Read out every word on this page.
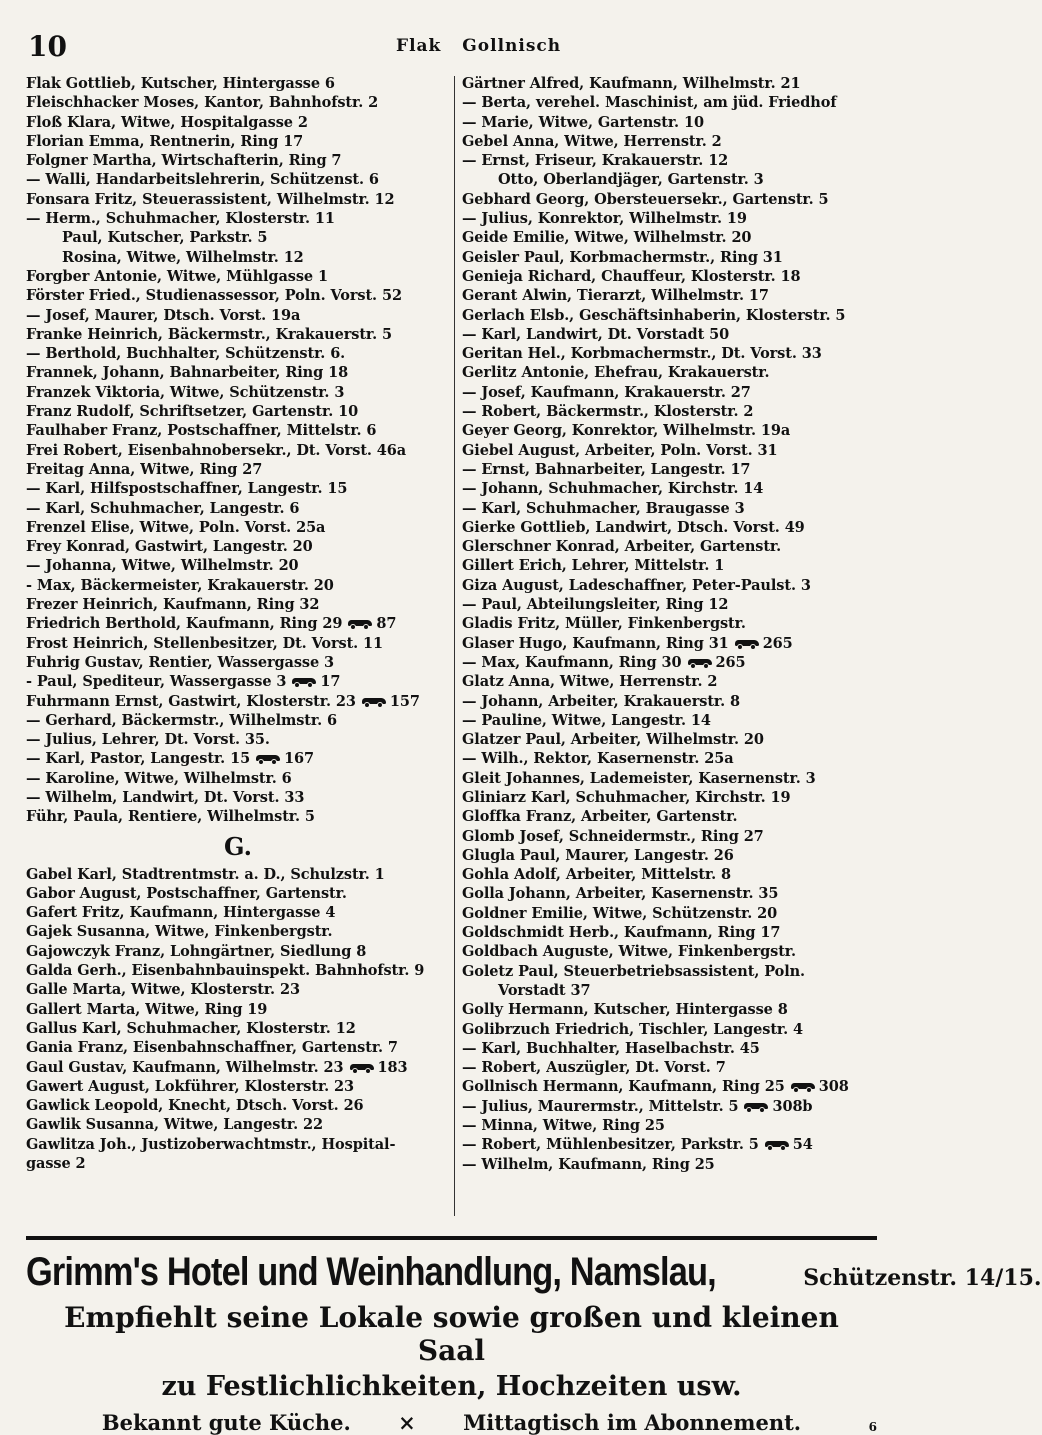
10	Flak Gollnisch
Flak Gottlieb, Kutscher, Hintergasse 6
Fleischhacker Moses, Kantor, Bahnhofstr. 2
Floß Klara, Witwe, Hospitalgasse 2
Florian Emma, Rentnerin, Ring 17
Folgner Martha, Wirtschafterin, Ring 7
— Walli, Handarbeitslehrerin, Schützenst. 6
Fonsara Fritz, Steuerassistent, Wilhelmstr. 12
— Herm., Schuhmacher, Klosterstr. 11
Paul, Kutscher, Parkstr. 5
Rosina, Witwe, Wilhelmstr. 12
Forgber Antonie, Witwe, Mühlgasse 1
Förster Fried., Studienassessor, Poln. Vorst. 52
— Josef, Maurer, Dtsch. Vorst. 19a
Franke Heinrich, Bäckermstr., Krakauerstr. 5
— Berthold, Buchhalter, Schützenstr. 6.
Frannek, Johann, Bahnarbeiter, Ring 18
Franzek Viktoria, Witwe, Schützenstr. 3
Franz Rudolf, Schriftsetzer, Gartenstr. 10
Faulhaber Franz, Postschaffner, Mittelstr. 6
Frei Robert, Eisenbahnobersekr., Dt. Vorst. 46a
Freitag Anna, Witwe, Ring 27
— Karl, Hilfspostschaffner, Langestr. 15
— Karl, Schuhmacher, Langestr. 6
Frenzel Elise, Witwe, Poln. Vorst. 25a
Frey Konrad, Gastwirt, Langestr. 20
— Johanna, Witwe, Wilhelmstr. 20
- Max, Bäckermeister, Krakauerstr. 20
Frezer Heinrich, Kaufmann, Ring 32
Friedrich Berthold, Kaufmann, Ring 29 87
Frost Heinrich, Stellenbesitzer, Dt. Vorst. 11
Fuhrig Gustav, Rentier, Wassergasse 3
- Paul, Spediteur, Wassergasse 3 17
Fuhrmann Ernst, Gastwirt, Klosterstr. 23 157
— Gerhard, Bäckermstr., Wilhelmstr. 6
— Julius, Lehrer, Dt. Vorst. 35.
— Karl, Pastor, Langestr. 15 167
— Karoline, Witwe, Wilhelmstr. 6
— Wilhelm, Landwirt, Dt. Vorst. 33
Führ, Paula, Rentiere, Wilhelmstr. 5
G.
Gabel Karl, Stadtrentmstr. a. D., Schulzstr. 1
Gabor August, Postschaffner, Gartenstr.
Gafert Fritz, Kaufmann, Hintergasse 4
Gajek Susanna, Witwe, Finkenbergstr.
Gajowczyk Franz, Lohngärtner, Siedlung 8
Galda Gerh., Eisenbahnbauinspekt. Bahnhofstr. 9
Galle Marta, Witwe, Klosterstr. 23
Gallert Marta, Witwe, Ring 19
Gallus Karl, Schuhmacher, Klosterstr. 12
Gania Franz, Eisenbahnschaffner, Gartenstr. 7
Gaul Gustav, Kaufmann, Wilhelmstr. 23 183
Gawert August, Lokführer, Klosterstr. 23
Gawlick Leopold, Knecht, Dtsch. Vorst. 26
Gawlik Susanna, Witwe, Langestr. 22
Gawlitza Joh., Justizoberwachtmstr., Hospital-
gasse 2
Gärtner Alfred, Kaufmann, Wilhelmstr. 21
— Berta, verehel. Maschinist, am jüd. Friedhof
— Marie, Witwe, Gartenstr. 10
Gebel Anna, Witwe, Herrenstr. 2
— Ernst, Friseur, Krakauerstr. 12
Otto, Oberlandjäger, Gartenstr. 3
Gebhard Georg, Obersteuersekr., Gartenstr. 5
— Julius, Konrektor, Wilhelmstr. 19
Geide Emilie, Witwe, Wilhelmstr. 20
Geisler Paul, Korbmachermstr., Ring 31
Genieja Richard, Chauffeur, Klosterstr. 18
Gerant Alwin, Tierarzt, Wilhelmstr. 17
Gerlach Elsb., Geschäftsinhaberin, Klosterstr. 5
— Karl, Landwirt, Dt. Vorstadt 50
Geritan Hel., Korbmachermstr., Dt. Vorst. 33
Gerlitz Antonie, Ehefrau, Krakauerstr.
— Josef, Kaufmann, Krakauerstr. 27
— Robert, Bäckermstr., Klosterstr. 2
Geyer Georg, Konrektor, Wilhelmstr. 19a
Giebel August, Arbeiter, Poln. Vorst. 31
— Ernst, Bahnarbeiter, Langestr. 17
— Johann, Schuhmacher, Kirchstr. 14
— Karl, Schuhmacher, Braugasse 3
Gierke Gottlieb, Landwirt, Dtsch. Vorst. 49
Glerschner Konrad, Arbeiter, Gartenstr.
Gillert Erich, Lehrer, Mittelstr. 1
Giza August, Ladeschaffner, Peter-Paulst. 3
— Paul, Abteilungsleiter, Ring 12
Gladis Fritz, Müller, Finkenbergstr.
Glaser Hugo, Kaufmann, Ring 31 265
— Max, Kaufmann, Ring 30 265
Glatz Anna, Witwe, Herrenstr. 2
— Johann, Arbeiter, Krakauerstr. 8
— Pauline, Witwe, Langestr. 14
Glatzer Paul, Arbeiter, Wilhelmstr. 20
— Wilh., Rektor, Kasernenstr. 25a
Gleit Johannes, Lademeister, Kasernenstr. 3
Gliniarz Karl, Schuhmacher, Kirchstr. 19
Gloffka Franz, Arbeiter, Gartenstr.
Glomb Josef, Schneidermstr., Ring 27
Glugla Paul, Maurer, Langestr. 26
Gohla Adolf, Arbeiter, Mittelstr. 8
Golla Johann, Arbeiter, Kasernenstr. 35
Goldner Emilie, Witwe, Schützenstr. 20
Goldschmidt Herb., Kaufmann, Ring 17
Goldbach Auguste, Witwe, Finkenbergstr.
Goletz Paul, Steuerbetriebsassistent, Poln.
Vorstadt 37
Golly Hermann, Kutscher, Hintergasse 8
Golibrzuch Friedrich, Tischler, Langestr. 4
— Karl, Buchhalter, Haselbachstr. 45
— Robert, Auszügler, Dt. Vorst. 7
Gollnisch Hermann, Kaufmann, Ring 25 308
— Julius, Maurermstr., Mittelstr. 5 308b
— Minna, Witwe, Ring 25
— Robert, Mühlenbesitzer, Parkstr. 5 54
— Wilhelm, Kaufmann, Ring 25
Grimm's Hotel und Weinhandlung, Namslau,	Schützenstr. 14/15.
Empfiehlt seine Lokale sowie großen und kleinen Saal
zu Festlichlichkeiten, Hochzeiten usw.
Bekannt gute Küche. × Mittagtisch im Abonnement.	6
